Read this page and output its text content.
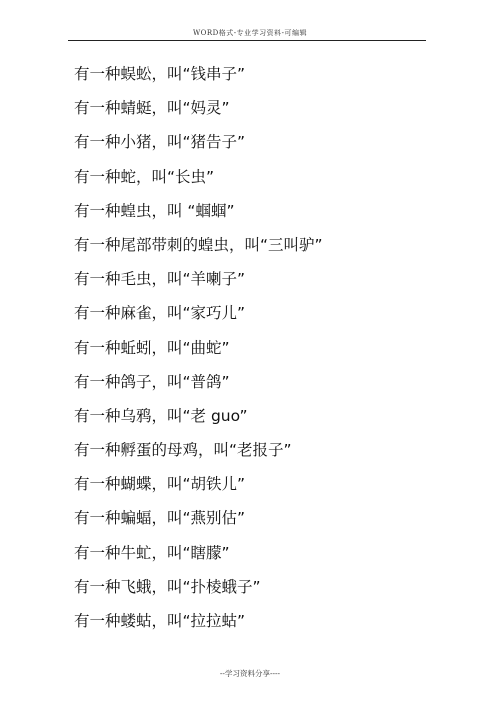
WORD格式-专业学习资料-可编辑
有一种蜈蚣，叫“钱串子”
有一种蜻蜓，叫“妈灵”
有一种小猪，叫“猪告子”
有一种蛇，叫“长虫”
有一种蝗虫，叫 “蝈蝈”
有一种尾部带刺的蝗虫，叫“三叫驴”
有一种毛虫，叫“羊喇子”
有一种麻雀，叫“家巧儿”
有一种蚯蚓，叫“曲蛇”
有一种鸽子，叫“普鸽”
有一种乌鸦，叫“老 guo”
有一种孵蛋的母鸡，叫“老报子”
有一种蝴蝶，叫“胡铁儿”
有一种蝙蝠，叫“燕别估”
有一种牛虻，叫“瞎朦”
有一种飞蛾，叫“扑棱蛾子”
有一种蝼蛄，叫“拉拉蛄”
--学习资料分享----
